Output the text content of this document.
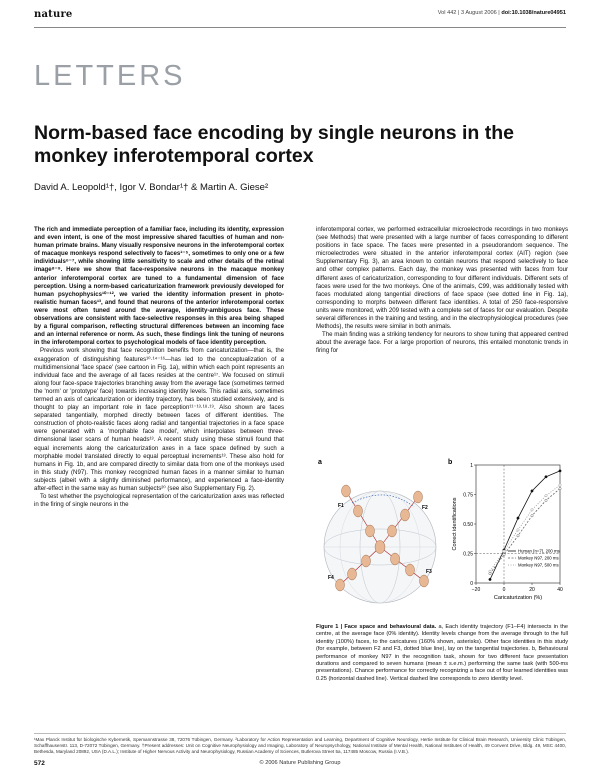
nature	Vol 442 | 3 August 2006 | doi:10.1038/nature04951
LETTERS
Norm-based face encoding by single neurons in the monkey inferotemporal cortex
David A. Leopold¹†, Igor V. Bondar¹† & Martin A. Giese²

The rich and immediate perception of a familiar face, including its identity, expression and even intent, is one of the most impressive shared faculties of human and non-human primate brains. Many visually responsive neurons in the inferotemporal cortex of macaque monkeys respond selectively to faces¹⁻⁵, sometimes to only one or a few individuals⁶⁻⁷, while showing little sensitivity to scale and other details of the retinal image⁸⁻⁹. Here we show that face-responsive neurons in the macaque monkey anterior inferotemporal cortex are tuned to a fundamental dimension of face perception. Using a norm-based caricaturization framework previously developed for human psychophysics¹⁰⁻¹², we varied the identity information present in photo-realistic human faces¹³, and found that neurons of the anterior inferotemporal cortex were most often tuned around the average, identity-ambiguous face. These observations are consistent with face-selective responses in this area being shaped by a figural comparison, reflecting structural differences between an incoming face and an internal reference or norm. As such, these findings link the tuning of neurons in the inferotemporal cortex to psychological models of face identity perception.

Previous work showing that face recognition benefits from caricaturization—that is, the exaggeration of distinguishing features¹⁰·¹⁴⁻¹⁶—has led to the conceptualization of a multidimensional 'face space' (see cartoon in Fig. 1a), within which each point represents an individual face and the average of all faces resides at the centre¹⁷. We focused on stimuli along four face-space trajectories branching away from the average face (sometimes termed the 'norm' or 'prototype' face) towards increasing identity levels. This radial axis, sometimes termed an axis of caricaturization or identity trajectory, has been studied extensively, and is thought to play an important role in face perception¹¹⁻¹³·¹⁸·¹⁹. Also shown are faces separated tangentially, morphed directly between faces of different identities. The construction of photo-realistic faces along radial and tangential trajectories in a face space were generated with a 'morphable face model', which interpolates between three-dimensional laser scans of human heads¹³. A recent study using these stimuli found that equal increments along the caricaturization axes in a face space defined by such a morphable model translated directly to equal perceptual increments¹³. These also hold for humans in Fig. 1b, and are compared directly to similar data from one of the monkeys used in this study (N97). This monkey recognized human faces in a manner similar to human subjects (albeit with a slightly diminished performance), and experienced a face-identity after-effect in the same way as human subjects²⁰ (see also Supplementary Fig. 2).

To test whether the psychological representation of the caricaturization axes was reflected in the firing of single neurons in the

inferotemporal cortex, we performed extracellular microelectrode recordings in two monkeys (see Methods) that were presented with a large number of faces corresponding to different positions in face space. The faces were presented in a pseudorandom sequence. The microelectrodes were situated in the anterior inferotemporal cortex (AIT) region (see Supplementary Fig. 3), an area known to contain neurons that respond selectively to face and other complex patterns. Each day, the monkey was presented with faces from four different axes of caricaturization, corresponding to four different individuals. Different sets of faces were used for the two monkeys. One of the animals, C99, was additionally tested with faces modulated along tangential directions of face space (see dotted line in Fig. 1a), corresponding to morphs between different face identities. A total of 250 face-responsive units were monitored, with 209 tested with a complete set of faces for our evaluation. Despite several differences in the training and testing, and in the electrophysiological procedures (see Methods), the results were similar in both animals.

The main finding was a striking tendency for neurons to show tuning that appeared centred about the average face. For a large proportion of neurons, this entailed monotonic trends in firing for

a
F1	F2
F3
F4
b
−20	0	20	40
0
0.25
0.50
0.75
1
Caricaturization (%)
Correct identifications
Human (n=7), 200 ms
Monkey N97, 200 ms
Monkey N97, 500 ms
Figure 1 | Face space and behavioural data. a, Each identity trajectory (F1–F4) intersects in the centre, at the average face (0% identity). Identity levels change from the average through to the full identity (100%) faces, to the caricatures (160% shown, asterisks). Other face identities in this study (for example, between F2 and F3, dotted blue line), lay on the tangential trajectories. b, Behavioural performance of monkey N97 in the recognition task, shown for two different face presentation durations and compared to seven humans (mean ± s.e.m.) performing the same task (with 500-ms presentations). Chance performance for correctly recognizing a face out of four learned identities was 0.25 (horizontal dashed line). Vertical dashed line corresponds to zero identity level.
¹Max Planck Institut für biologische Kybernetik, Spemannstrasse 38, 72076 Tübingen, Germany. ²Laboratory for Action Representation and Learning, Department of Cognitive Neurology, Hertie Institute for Clinical Brain Research, University Clinic Tübingen, Schaffhausenstr. 113, D-72072 Tübingen, Germany. †Present addresses: Unit on Cognitive Neurophysiology and Imaging, Laboratory of Neuropsychology, National Institute of Mental Health, National Institutes of Health, 49 Convent Drive, Bldg. 49, MSC 4400, Bethesda, Maryland 20892, USA (D.A.L.); Institute of Higher Nervous Activity and Neurophysiology, Russian Academy of Sciences, Butlerova Street 5a, 117485 Moscow, Russia (I.V.B.).
© 2006 Nature Publishing Group
572
